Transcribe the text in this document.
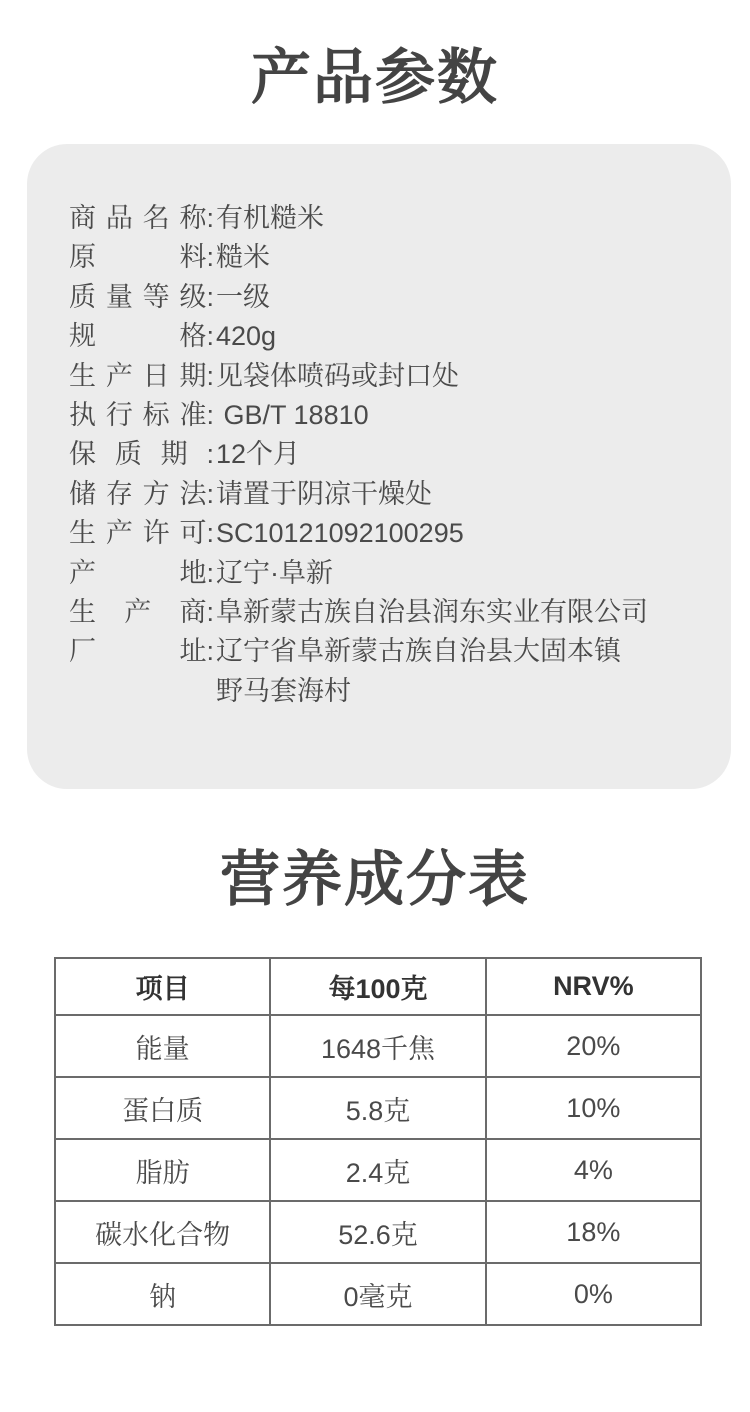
产品参数
商 品 名 称: 有机糙米
原	料: 糙米
质 量 等 级: 一级
规	格: 420g
生 产 日 期: 见袋体喷码或封口处
执 行 标 准: GB/T 18810
保 质 期 : 12个月
储 存 方 法: 请置于阴凉干燥处
生 产 许 可: SC10121092100295
产	地: 辽宁·阜新
生 产 商: 阜新蒙古族自治县润东实业有限公司
厂	址: 辽宁省阜新蒙古族自治县大固本镇
野马套海村
营养成分表
项目	每100克	NRV%
能量	1648千焦	20%
蛋白质	5.8克	10%
脂肪	2.4克	4%
碳水化合物	52.6克	18%
钠	0毫克	0%
